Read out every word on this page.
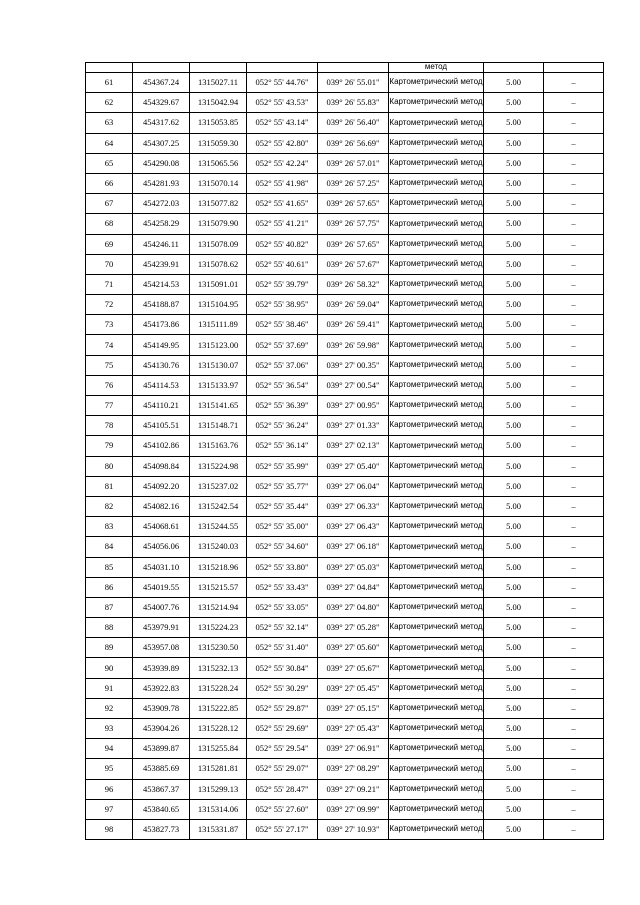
					метод		
61	454367.24	1315027.11	052° 55' 44.76"	039° 26' 55.01"	Картометрический метод	5.00	–
62	454329.67	1315042.94	052° 55' 43.53"	039° 26' 55.83"	Картометрический метод	5.00	–
63	454317.62	1315053.85	052° 55' 43.14"	039° 26' 56.40"	Картометрический метод	5.00	–
64	454307.25	1315059.30	052° 55' 42.80"	039° 26' 56.69"	Картометрический метод	5.00	–
65	454290.08	1315065.56	052° 55' 42.24"	039° 26' 57.01"	Картометрический метод	5.00	–
66	454281.93	1315070.14	052° 55' 41.98"	039° 26' 57.25"	Картометрический метод	5.00	–
67	454272.03	1315077.82	052° 55' 41.65"	039° 26' 57.65"	Картометрический метод	5.00	–
68	454258.29	1315079.90	052° 55' 41.21"	039° 26' 57.75"	Картометрический метод	5.00	–
69	454246.11	1315078.09	052° 55' 40.82"	039° 26' 57.65"	Картометрический метод	5.00	–
70	454239.91	1315078.62	052° 55' 40.61"	039° 26' 57.67"	Картометрический метод	5.00	–
71	454214.53	1315091.01	052° 55' 39.79"	039° 26' 58.32"	Картометрический метод	5.00	–
72	454188.87	1315104.95	052° 55' 38.95"	039° 26' 59.04"	Картометрический метод	5.00	–
73	454173.86	1315111.89	052° 55' 38.46"	039° 26' 59.41"	Картометрический метод	5.00	–
74	454149.95	1315123.00	052° 55' 37.69"	039° 26' 59.98"	Картометрический метод	5.00	–
75	454130.76	1315130.07	052° 55' 37.06"	039° 27' 00.35"	Картометрический метод	5.00	–
76	454114.53	1315133.97	052° 55' 36.54"	039° 27' 00.54"	Картометрический метод	5.00	–
77	454110.21	1315141.65	052° 55' 36.39"	039° 27' 00.95"	Картометрический метод	5.00	–
78	454105.51	1315148.71	052° 55' 36.24"	039° 27' 01.33"	Картометрический метод	5.00	–
79	454102.86	1315163.76	052° 55' 36.14"	039° 27' 02.13"	Картометрический метод	5.00	–
80	454098.84	1315224.98	052° 55' 35.99"	039° 27' 05.40"	Картометрический метод	5.00	–
81	454092.20	1315237.02	052° 55' 35.77"	039° 27' 06.04"	Картометрический метод	5.00	–
82	454082.16	1315242.54	052° 55' 35.44"	039° 27' 06.33"	Картометрический метод	5.00	–
83	454068.61	1315244.55	052° 55' 35.00"	039° 27' 06.43"	Картометрический метод	5.00	–
84	454056.06	1315240.03	052° 55' 34.60"	039° 27' 06.18"	Картометрический метод	5.00	–
85	454031.10	1315218.96	052° 55' 33.80"	039° 27' 05.03"	Картометрический метод	5.00	–
86	454019.55	1315215.57	052° 55' 33.43"	039° 27' 04.84"	Картометрический метод	5.00	–
87	454007.76	1315214.94	052° 55' 33.05"	039° 27' 04.80"	Картометрический метод	5.00	–
88	453979.91	1315224.23	052° 55' 32.14"	039° 27' 05.28"	Картометрический метод	5.00	–
89	453957.08	1315230.50	052° 55' 31.40"	039° 27' 05.60"	Картометрический метод	5.00	–
90	453939.89	1315232.13	052° 55' 30.84"	039° 27' 05.67"	Картометрический метод	5.00	–
91	453922.83	1315228.24	052° 55' 30.29"	039° 27' 05.45"	Картометрический метод	5.00	–
92	453909.78	1315222.85	052° 55' 29.87"	039° 27' 05.15"	Картометрический метод	5.00	–
93	453904.26	1315228.12	052° 55' 29.69"	039° 27' 05.43"	Картометрический метод	5.00	–
94	453899.87	1315255.84	052° 55' 29.54"	039° 27' 06.91"	Картометрический метод	5.00	–
95	453885.69	1315281.81	052° 55' 29.07"	039° 27' 08.29"	Картометрический метод	5.00	–
96	453867.37	1315299.13	052° 55' 28.47"	039° 27' 09.21"	Картометрический метод	5.00	–
97	453840.65	1315314.06	052° 55' 27.60"	039° 27' 09.99"	Картометрический метод	5.00	–
98	453827.73	1315331.87	052° 55' 27.17"	039° 27' 10.93"	Картометрический метод	5.00	–
